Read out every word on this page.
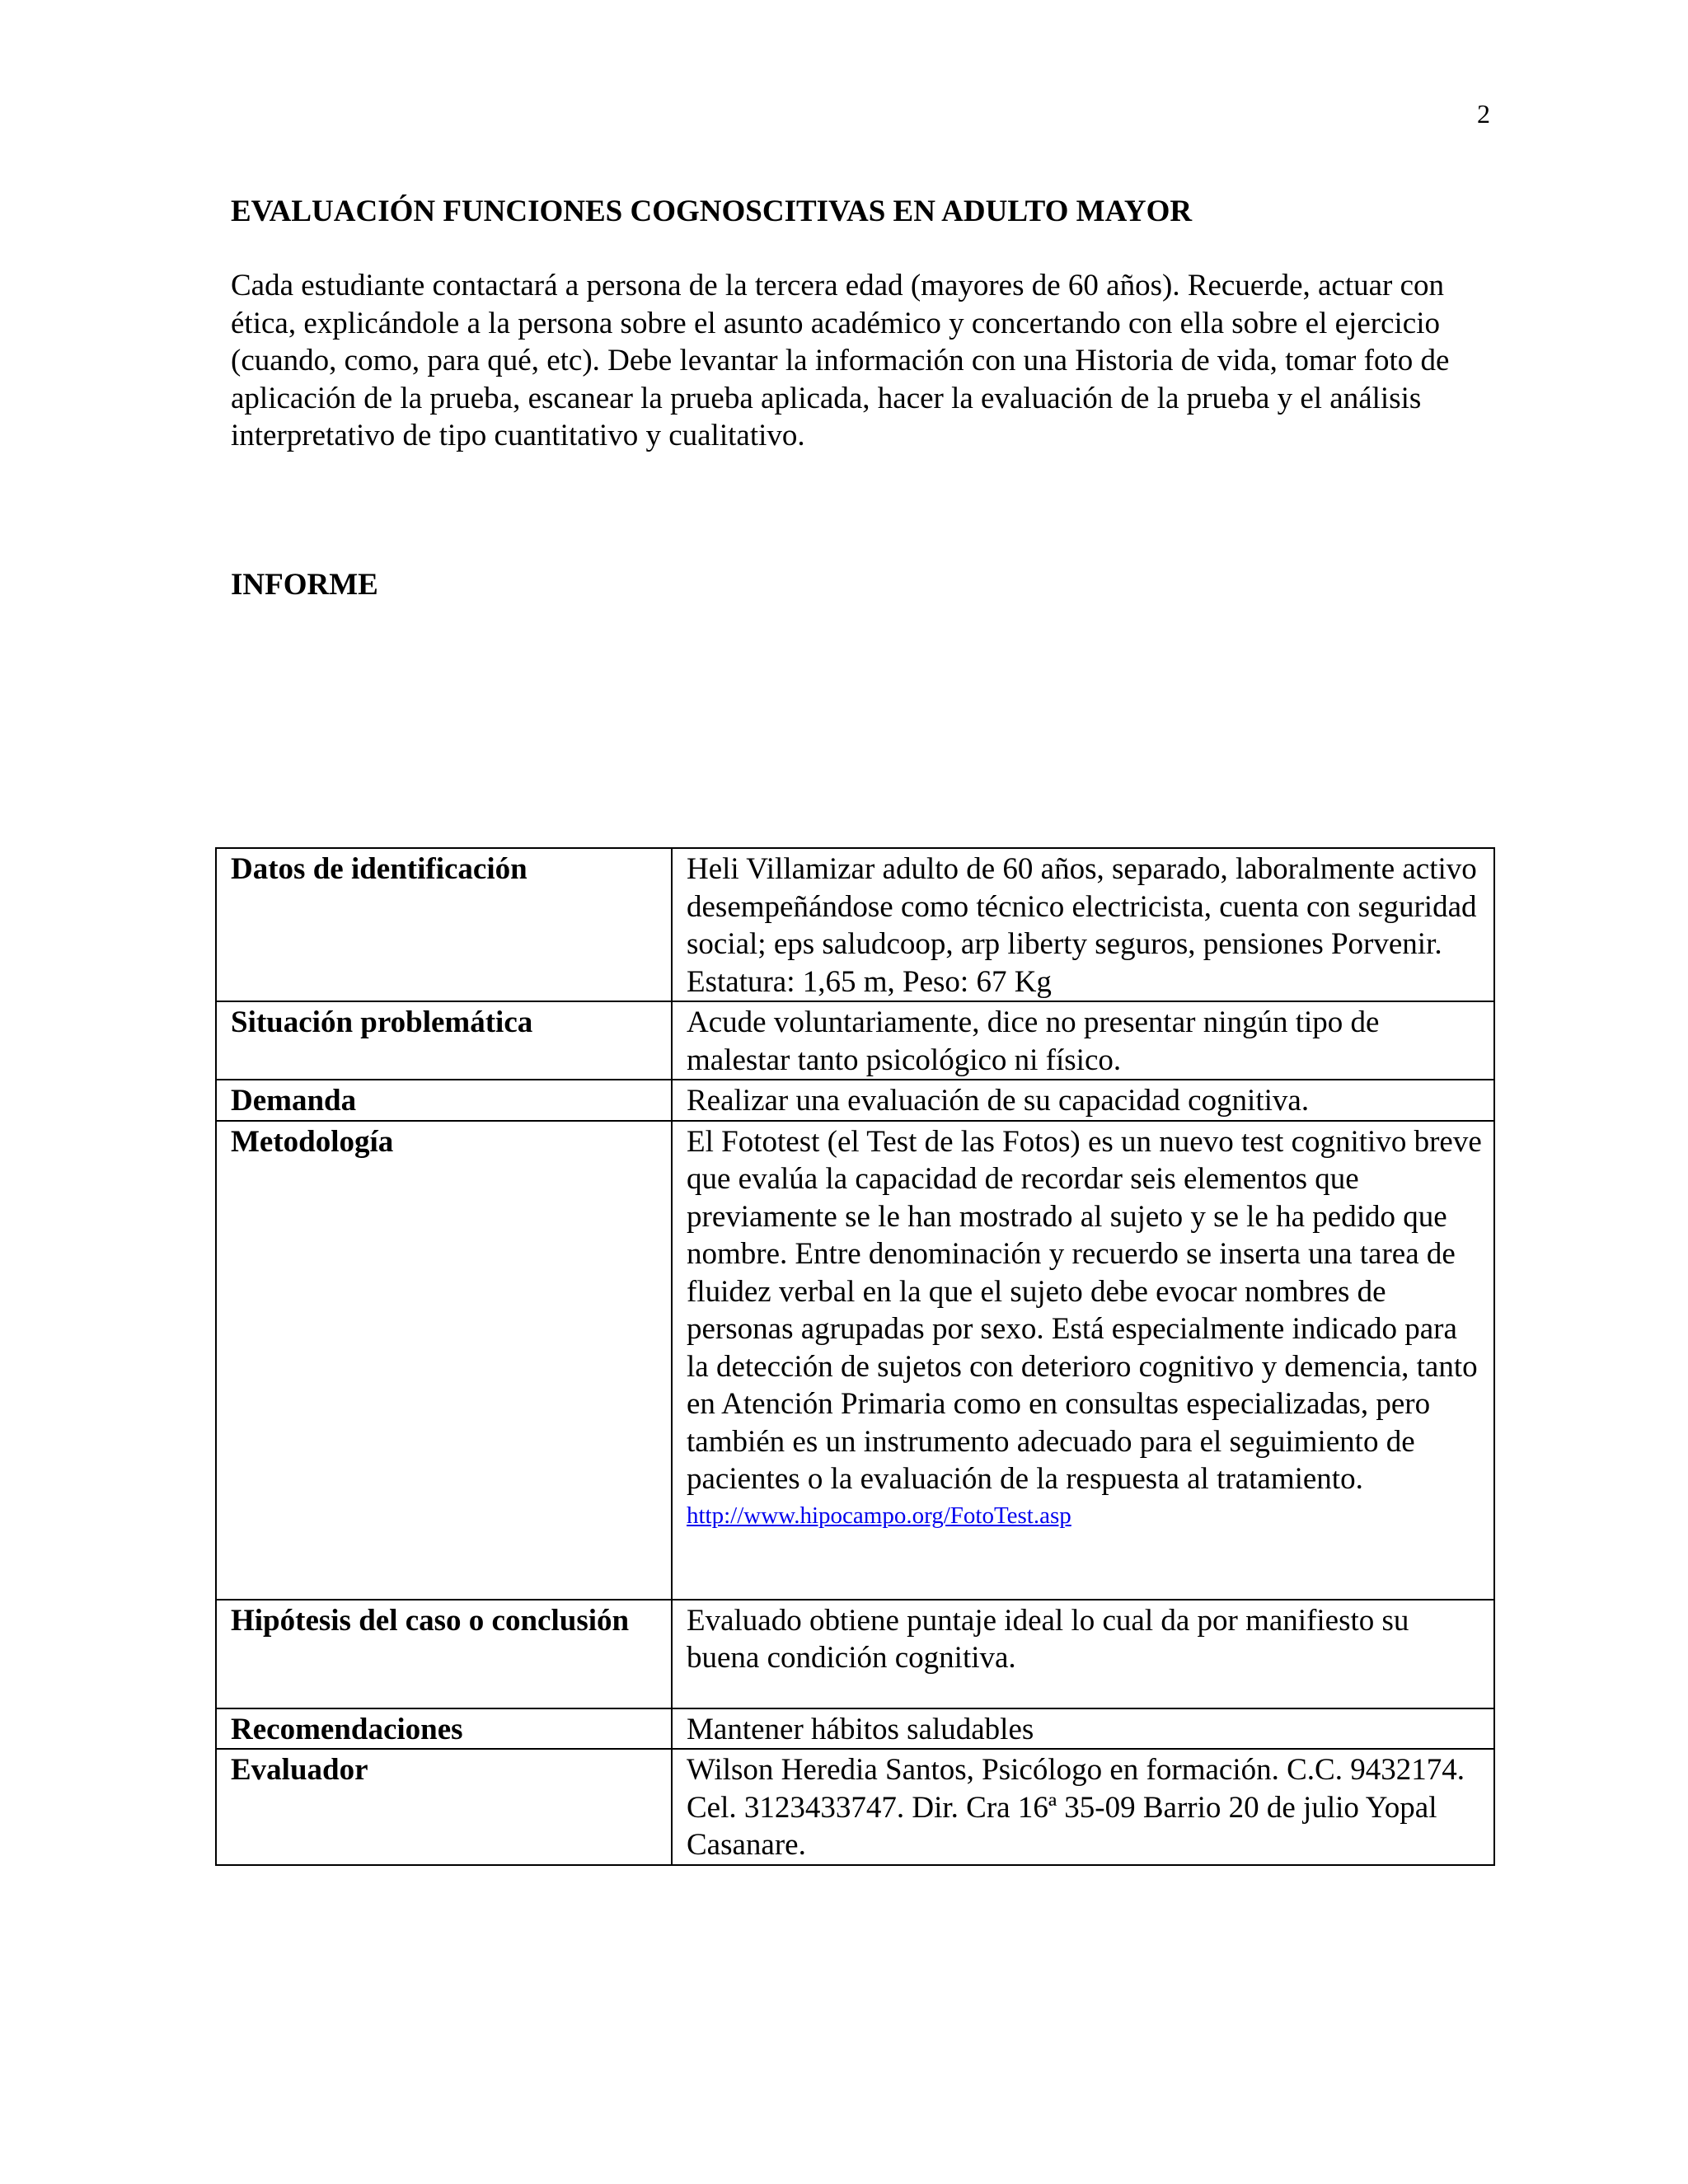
2
EVALUACIÓN FUNCIONES COGNOSCITIVAS EN ADULTO MAYOR

Cada estudiante contactará a persona de la tercera edad (mayores de 60 años). Recuerde, actuar con ética, explicándole a la persona sobre el asunto académico y concertando con ella sobre el ejercicio (cuando, como, para qué, etc). Debe levantar la información con una Historia de vida, tomar foto de aplicación de la prueba, escanear la prueba aplicada, hacer la evaluación de la prueba y el análisis interpretativo de tipo cuantitativo y cualitativo.

INFORME
Datos de identificación	Heli Villamizar adulto de 60 años, separado, laboralmente activo desempeñándose como técnico electricista, cuenta con seguridad social; eps saludcoop, arp liberty seguros, pensiones Porvenir. Estatura: 1,65 m, Peso: 67 Kg
Situación problemática	Acude voluntariamente, dice no presentar ningún tipo de malestar tanto psicológico ni físico.
Demanda	Realizar una evaluación de su capacidad cognitiva.
Metodología	El Fototest (el Test de las Fotos) es un nuevo test cognitivo breve que evalúa la capacidad de recordar seis elementos que previamente se le han mostrado al sujeto y se le ha pedido que nombre. Entre denominación y recuerdo se inserta una tarea de fluidez verbal en la que el sujeto debe evocar nombres de personas agrupadas por sexo. Está especialmente indicado para la detección de sujetos con deterioro cognitivo y demencia, tanto en Atención Primaria como en consultas especializadas, pero también es un instrumento adecuado para el seguimiento de pacientes o la evaluación de la respuesta al tratamiento.
http://www.hipocampo.org/FotoTest.asp

Hipótesis del caso o conclusión	Evaluado obtiene puntaje ideal lo cual da por manifiesto su buena condición cognitiva.
Recomendaciones	Mantener hábitos saludables
Evaluador	Wilson Heredia Santos, Psicólogo en formación. C.C. 9432174. Cel. 3123433747. Dir. Cra 16ª 35-09 Barrio 20 de julio Yopal Casanare.
